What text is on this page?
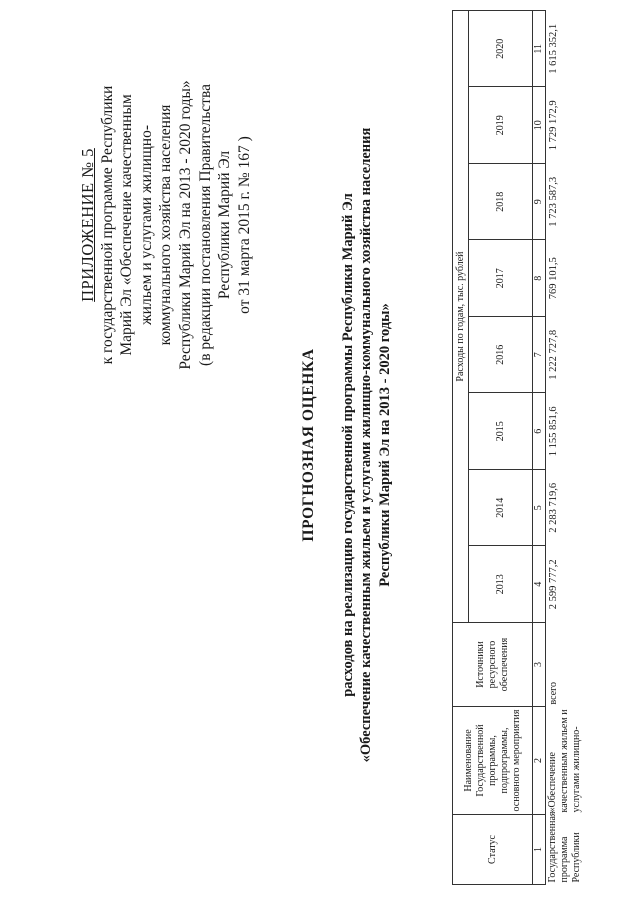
ПРИЛОЖЕНИЕ № 5 к государственной программе Республики Марий Эл «Обеспечение качественным жильем и услугами жилищно- коммунального хозяйства населения Республики Марий Эл на 2013 - 2020 годы» (в редакции постановления Правительства Республики Марий Эл от 31 марта 2015 г. № 167 )
ПРОГНОЗНАЯ ОЦЕНКА расходов на реализацию государственной программы Республики Марий Эл «Обеспечение качественным жильем и услугами жилищно-коммунального хозяйства населения Республики Марий Эл на 2013 - 2020 годы»
Статус	Наименование Государственной программы, подпрограммы, основного мероприятия	Источники ресурсного обеспечения	Расходы по годам, тыс. рублей							
			2013	2014	2015	2016	2017	2018	2019	2020
1	2	3	4	5	6	7	8	9	10	11
Государственная программа Республики	«Обеспечение качественным жильем и услугами жилищно-	всего	2 599 777,2	2 283 719,6	1 155 851,6	1 222 727,8	769 101,5	1 723 587,3	1 729 172,9	1 615 352,1
